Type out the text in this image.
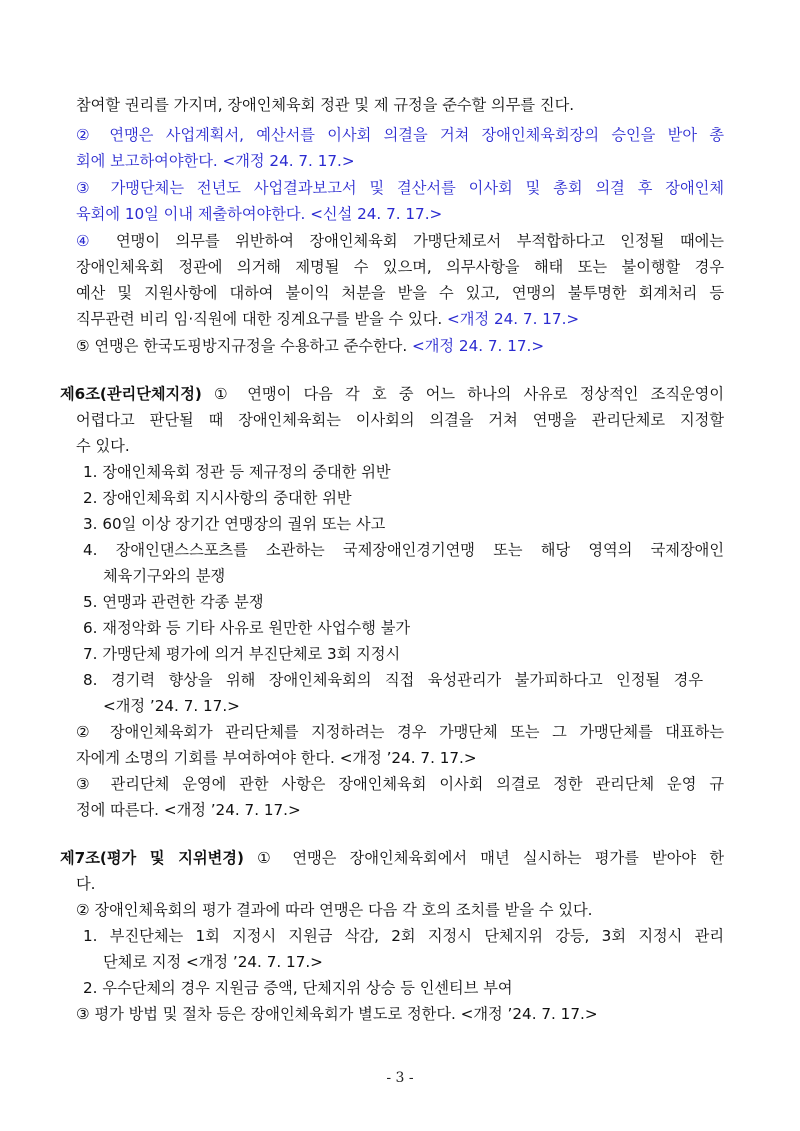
참여할 권리를 가지며, 장애인체육회 정관 및 제 규정을 준수할 의무를 진다.
② 연맹은 사업계획서, 예산서를 이사회 의결을 거쳐 장애인체육회장의 승인을 받아 총
회에 보고하여야한다. <개정 24. 7. 17.>
③ 가맹단체는 전년도 사업결과보고서 및 결산서를 이사회 및 총회 의결 후 장애인체
육회에 10일 이내 제출하여야한다. <신설 24. 7. 17.>
④ 연맹이 의무를 위반하여 장애인체육회 가맹단체로서 부적합하다고 인정될 때에는
장애인체육회 정관에 의거해 제명될 수 있으며, 의무사항을 해태 또는 불이행할 경우
예산 및 지원사항에 대하여 불이익 처분을 받을 수 있고, 연맹의 불투명한 회계처리 등
직무관련 비리 임·직원에 대한 징계요구를 받을 수 있다. <개정 24. 7. 17.>
⑤ 연맹은 한국도핑방지규정을 수용하고 준수한다. <개정 24. 7. 17.>
제6조(관리단체지정) ① 연맹이 다음 각 호 중 어느 하나의 사유로 정상적인 조직운영이
어렵다고 판단될 때 장애인체육회는 이사회의 의결을 거쳐 연맹을 관리단체로 지정할
수 있다.
1. 장애인체육회 정관 등 제규정의 중대한 위반
2. 장애인체육회 지시사항의 중대한 위반
3. 60일 이상 장기간 연맹장의 궐위 또는 사고
4. 장애인댄스스포츠를 소관하는 국제장애인경기연맹 또는 해당 영역의 국제장애인
체육기구와의 분쟁
5. 연맹과 관련한 각종 분쟁
6. 재정악화 등 기타 사유로 원만한 사업수행 불가
7. 가맹단체 평가에 의거 부진단체로 3회 지정시
8. 경기력 향상을 위해 장애인체육회의 직접 육성관리가 불가피하다고 인정될 경우
<개정 ’24. 7. 17.>
② 장애인체육회가 관리단체를 지정하려는 경우 가맹단체 또는 그 가맹단체를 대표하는
자에게 소명의 기회를 부여하여야 한다. <개정 ’24. 7. 17.>
③ 관리단체 운영에 관한 사항은 장애인체육회 이사회 의결로 정한 관리단체 운영 규
정에 따른다. <개정 ’24. 7. 17.>
제7조(평가 및 지위변경) ① 연맹은 장애인체육회에서 매년 실시하는 평가를 받아야 한
다.
② 장애인체육회의 평가 결과에 따라 연맹은 다음 각 호의 조치를 받을 수 있다.
1. 부진단체는 1회 지정시 지원금 삭감, 2회 지정시 단체지위 강등, 3회 지정시 관리
단체로 지정 <개정 ’24. 7. 17.>
2. 우수단체의 경우 지원금 증액, 단체지위 상승 등 인센티브 부여
③ 평가 방법 및 절차 등은 장애인체육회가 별도로 정한다. <개정 ’24. 7. 17.>
- 3 -
